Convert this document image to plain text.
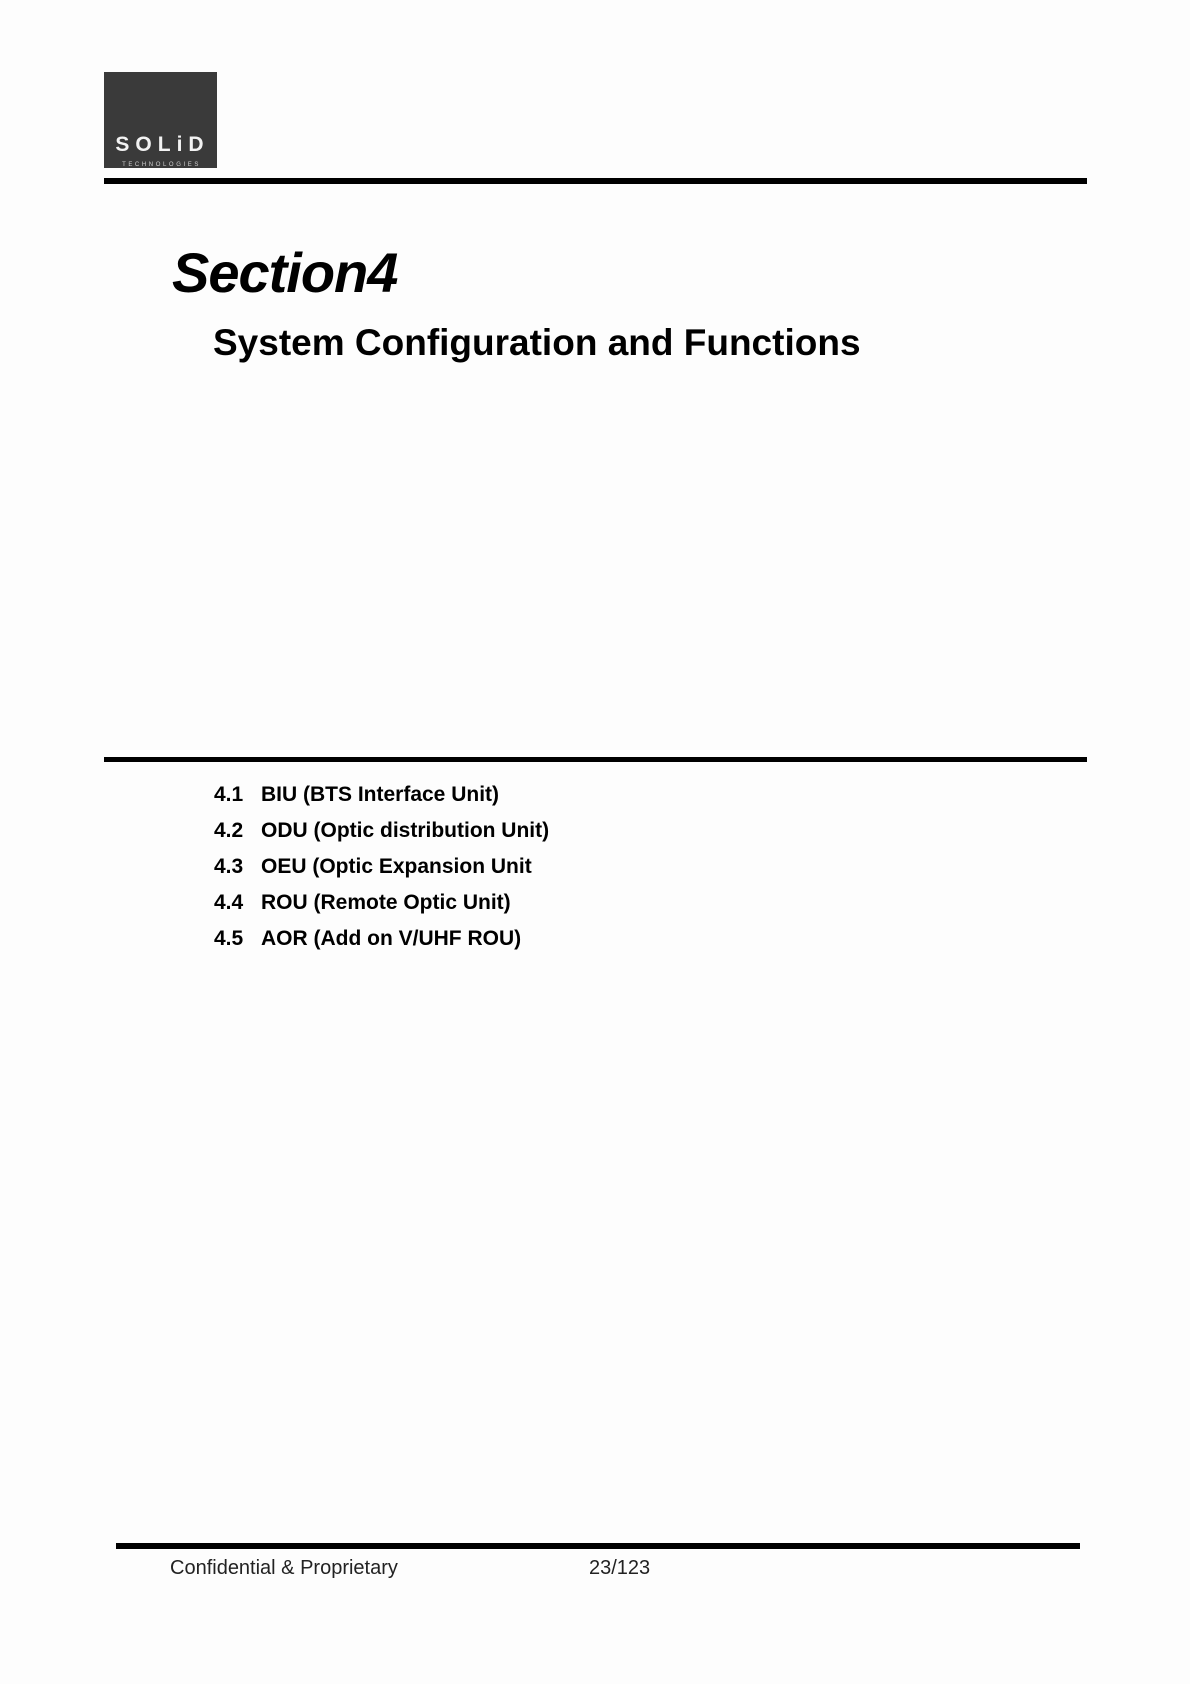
SOLiD
TECHNOLOGIES
Section4
System Configuration and Functions
4.1 BIU (BTS Interface Unit)
4.2 ODU (Optic distribution Unit)
4.3 OEU (Optic Expansion Unit
4.4 ROU (Remote Optic Unit)
4.5 AOR (Add on V/UHF ROU)
Confidential & Proprietary	23/123
